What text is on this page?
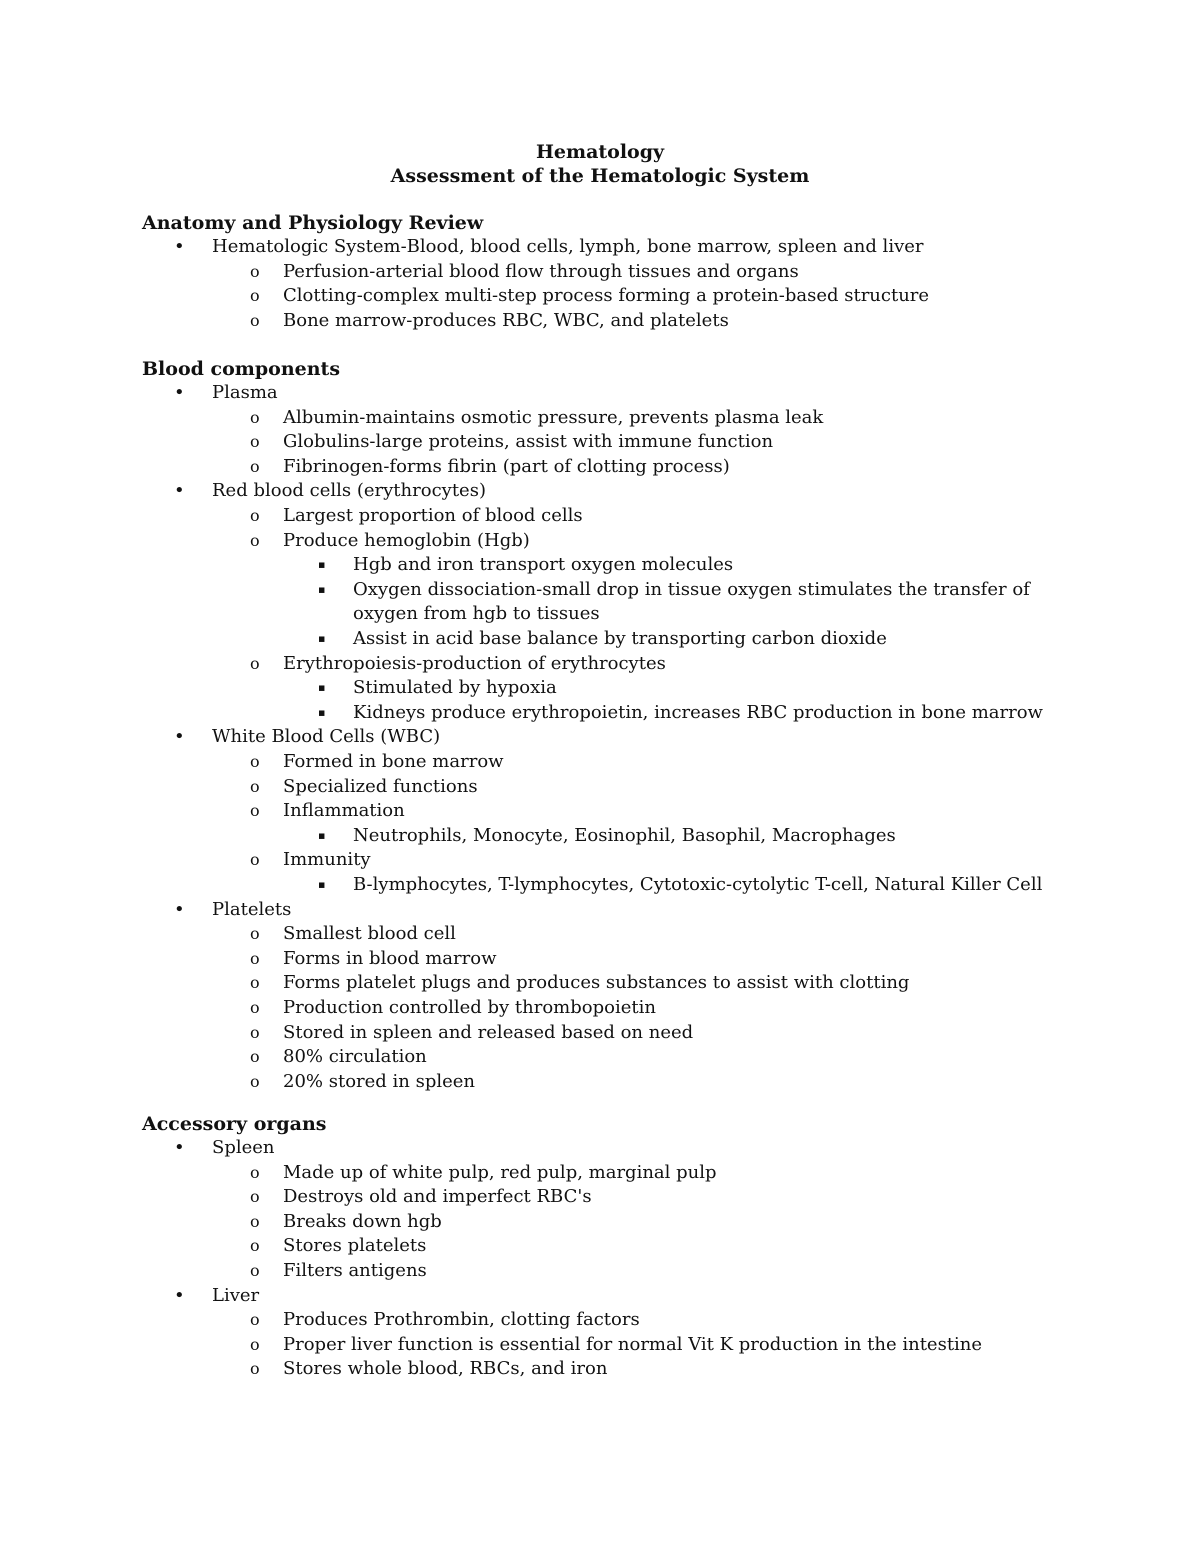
Hematology
Assessment of the Hematologic System
Anatomy and Physiology Review
• Hematologic System-Blood, blood cells, lymph, bone marrow, spleen and liver
o Perfusion-arterial blood flow through tissues and organs
o Clotting-complex multi-step process forming a protein-based structure
o Bone marrow-produces RBC, WBC, and platelets
Blood components
• Plasma
o Albumin-maintains osmotic pressure, prevents plasma leak
o Globulins-large proteins, assist with immune function
o Fibrinogen-forms fibrin (part of clotting process)
• Red blood cells (erythrocytes)
o Largest proportion of blood cells
o Produce hemoglobin (Hgb)
▪ Hgb and iron transport oxygen molecules
▪ Oxygen dissociation-small drop in tissue oxygen stimulates the transfer of
oxygen from hgb to tissues
▪ Assist in acid base balance by transporting carbon dioxide
o Erythropoiesis-production of erythrocytes
▪ Stimulated by hypoxia
▪ Kidneys produce erythropoietin, increases RBC production in bone marrow
• White Blood Cells (WBC)
o Formed in bone marrow
o Specialized functions
o Inflammation
▪ Neutrophils, Monocyte, Eosinophil, Basophil, Macrophages
o Immunity
▪ B-lymphocytes, T-lymphocytes, Cytotoxic-cytolytic T-cell, Natural Killer Cell
• Platelets
o Smallest blood cell
o Forms in blood marrow
o Forms platelet plugs and produces substances to assist with clotting
o Production controlled by thrombopoietin
o Stored in spleen and released based on need
o 80% circulation
o 20% stored in spleen
Accessory organs
• Spleen
o Made up of white pulp, red pulp, marginal pulp
o Destroys old and imperfect RBC's
o Breaks down hgb
o Stores platelets
o Filters antigens
• Liver
o Produces Prothrombin, clotting factors
o Proper liver function is essential for normal Vit K production in the intestine
o Stores whole blood, RBCs, and iron
